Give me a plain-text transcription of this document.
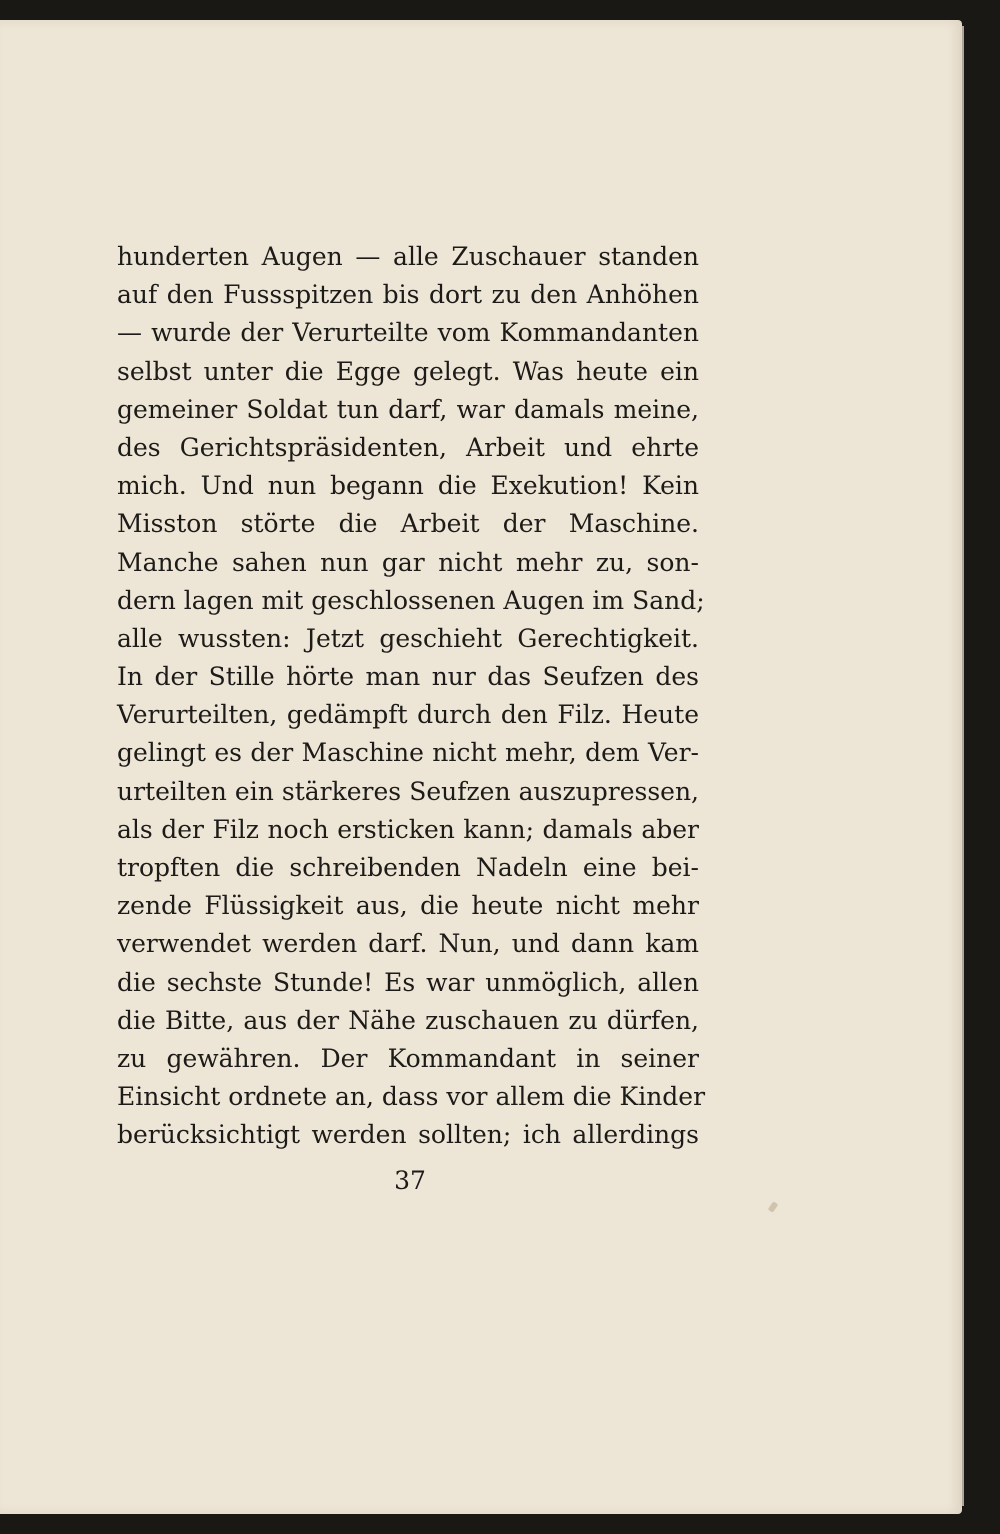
hunderten Augen — alle Zuschauer standen
auf den Fussspitzen bis dort zu den Anhöhen
— wurde der Verurteilte vom Kommandanten
selbst unter die Egge gelegt. Was heute ein
gemeiner Soldat tun darf, war damals meine,
des Gerichtspräsidenten, Arbeit und ehrte
mich. Und nun begann die Exekution! Kein
Misston störte die Arbeit der Maschine.
Manche sahen nun gar nicht mehr zu, son-
dern lagen mit geschlossenen Augen im Sand;
alle wussten: Jetzt geschieht Gerechtigkeit.
In der Stille hörte man nur das Seufzen des
Verurteilten, gedämpft durch den Filz. Heute
gelingt es der Maschine nicht mehr, dem Ver-
urteilten ein stärkeres Seufzen auszupressen,
als der Filz noch ersticken kann; damals aber
tropften die schreibenden Nadeln eine bei-
zende Flüssigkeit aus, die heute nicht mehr
verwendet werden darf. Nun, und dann kam
die sechste Stunde! Es war unmöglich, allen
die Bitte, aus der Nähe zuschauen zu dürfen,
zu gewähren. Der Kommandant in seiner
Einsicht ordnete an, dass vor allem die Kinder
berücksichtigt werden sollten; ich allerdings
37
